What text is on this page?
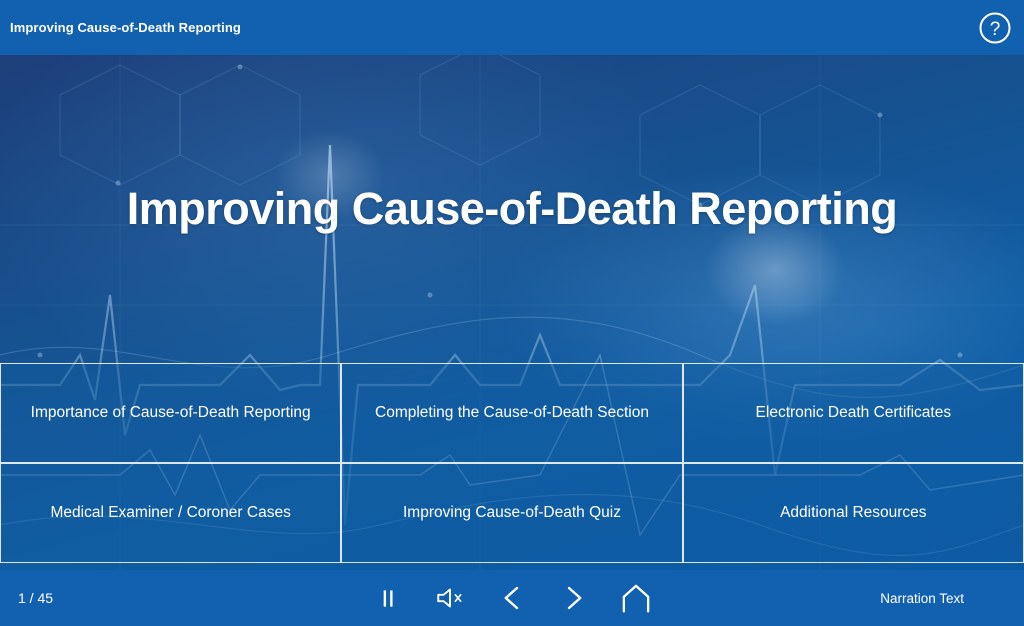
Improving Cause-of-Death Reporting	?
Improving Cause-of-Death Reporting
Importance of Cause-of-Death Reporting	Completing the Cause-of-Death Section	Electronic Death Certificates
Medical Examiner / Coroner Cases	Improving Cause-of-Death Quiz	Additional Resources
1 / 45	Narration Text
